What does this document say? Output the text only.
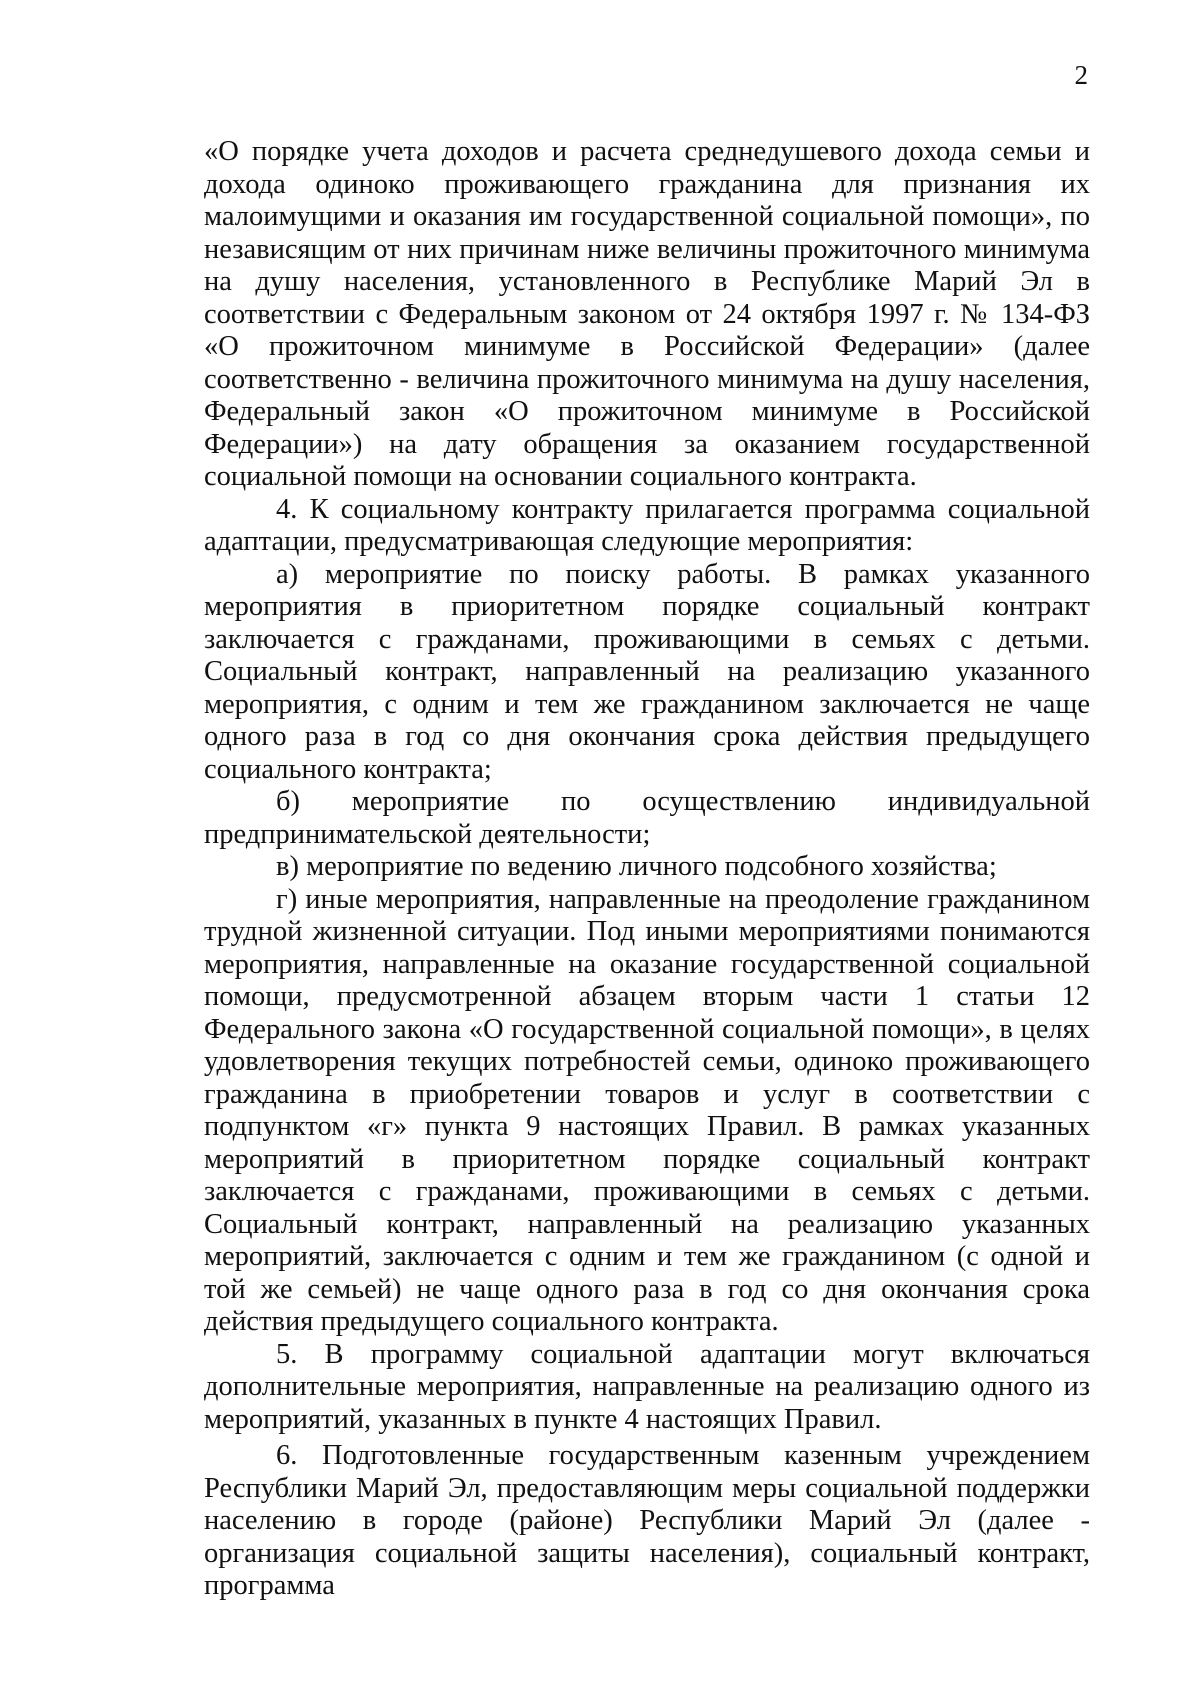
2

«О порядке учета доходов и расчета среднедушевого дохода семьи и дохода одиноко проживающего гражданина для признания их малоимущими и оказания им государственной социальной помощи», по независящим от них причинам ниже величины прожиточного минимума на душу населения, установленного в Республике Марий Эл в соответствии с Федеральным законом от 24 октября 1997 г. № 134-ФЗ «О прожиточном минимуме в Российской Федерации» (далее соответственно - величина прожиточного минимума на душу населения, Федеральный закон «О прожиточном минимуме в Российской Федерации») на дату обращения за оказанием государственной социальной помощи на основании социального контракта.

4. К социальному контракту прилагается программа социальной адаптации, предусматривающая следующие мероприятия:

а) мероприятие по поиску работы. В рамках указанного мероприятия в приоритетном порядке социальный контракт заключается с гражданами, проживающими в семьях с детьми. Социальный контракт, направленный на реализацию указанного мероприятия, с одним и тем же гражданином заключается не чаще одного раза в год со дня окончания срока действия предыдущего социального контракта;

б) мероприятие по осуществлению индивидуальной предпринимательской деятельности;

в) мероприятие по ведению личного подсобного хозяйства;

г) иные мероприятия, направленные на преодоление гражданином трудной жизненной ситуации. Под иными мероприятиями понимаются мероприятия, направленные на оказание государственной социальной помощи, предусмотренной абзацем вторым части 1 статьи 12 Федерального закона «О государственной социальной помощи», в целях удовлетворения текущих потребностей семьи, одиноко проживающего гражданина в приобретении товаров и услуг в соответствии с подпунктом «г» пункта 9 настоящих Правил. В рамках указанных мероприятий в приоритетном порядке социальный контракт заключается с гражданами, проживающими в семьях с детьми. Социальный контракт, направленный на реализацию указанных мероприятий, заключается с одним и тем же гражданином (с одной и той же семьей) не чаще одного раза в год со дня окончания срока действия предыдущего социального контракта.

5. В программу социальной адаптации могут включаться дополнительные мероприятия, направленные на реализацию одного из мероприятий, указанных в пункте 4 настоящих Правил.

6. Подготовленные государственным казенным учреждением Республики Марий Эл, предоставляющим меры социальной поддержки населению в городе (районе) Республики Марий Эл (далее - организация социальной защиты населения), социальный контракт, программа
